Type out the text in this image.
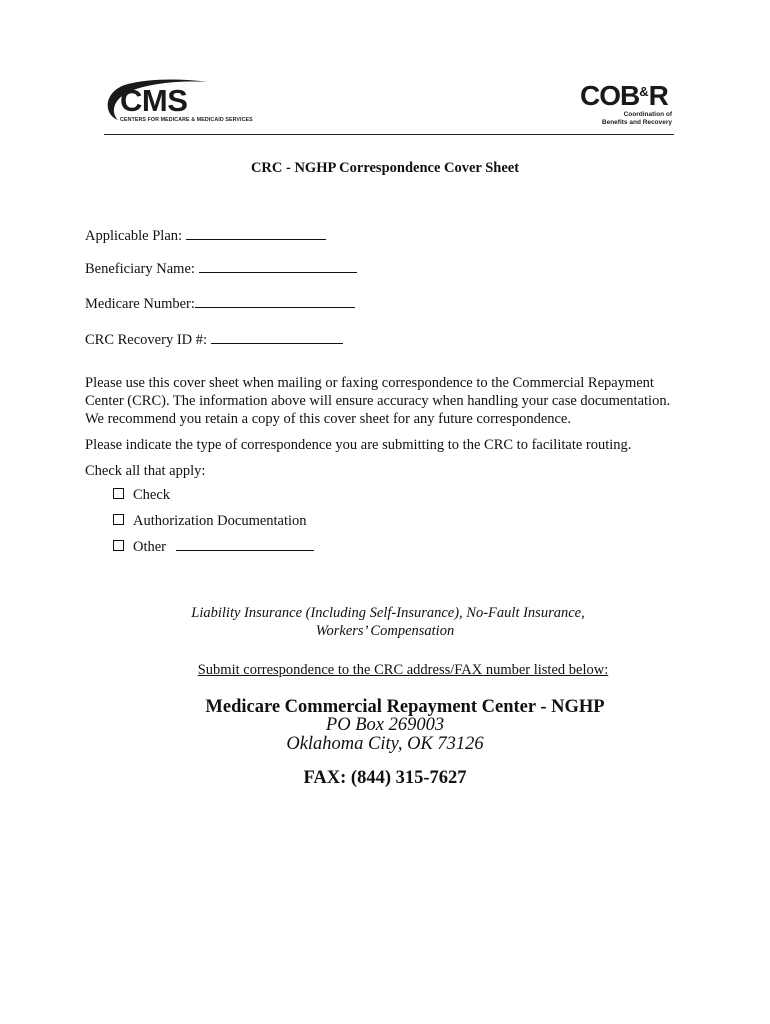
CMS
CENTERS FOR MEDICARE & MEDICAID SERVICES
COB&R
Coordination of
Benefits and Recovery
CRC - NGHP Correspondence Cover Sheet
Applicable Plan:
Beneficiary Name:
Medicare Number:
CRC Recovery ID #:

Please use this cover sheet when mailing or faxing correspondence to the Commercial Repayment

Center (CRC). The information above will ensure accuracy when handling your case documentation.

We recommend you retain a copy of this cover sheet for any future correspondence.

Please indicate the type of correspondence you are submitting to the CRC to facilitate routing.
Check all that apply:
Check
Authorization Documentation
Other
Liability Insurance (Including Self-Insurance), No-Fault Insurance,
Workers’ Compensation
Submit correspondence to the CRC address/FAX number listed below:
Medicare Commercial Repayment Center - NGHP
PO Box 269003
Oklahoma City, OK 73126
FAX: (844) 315-7627
